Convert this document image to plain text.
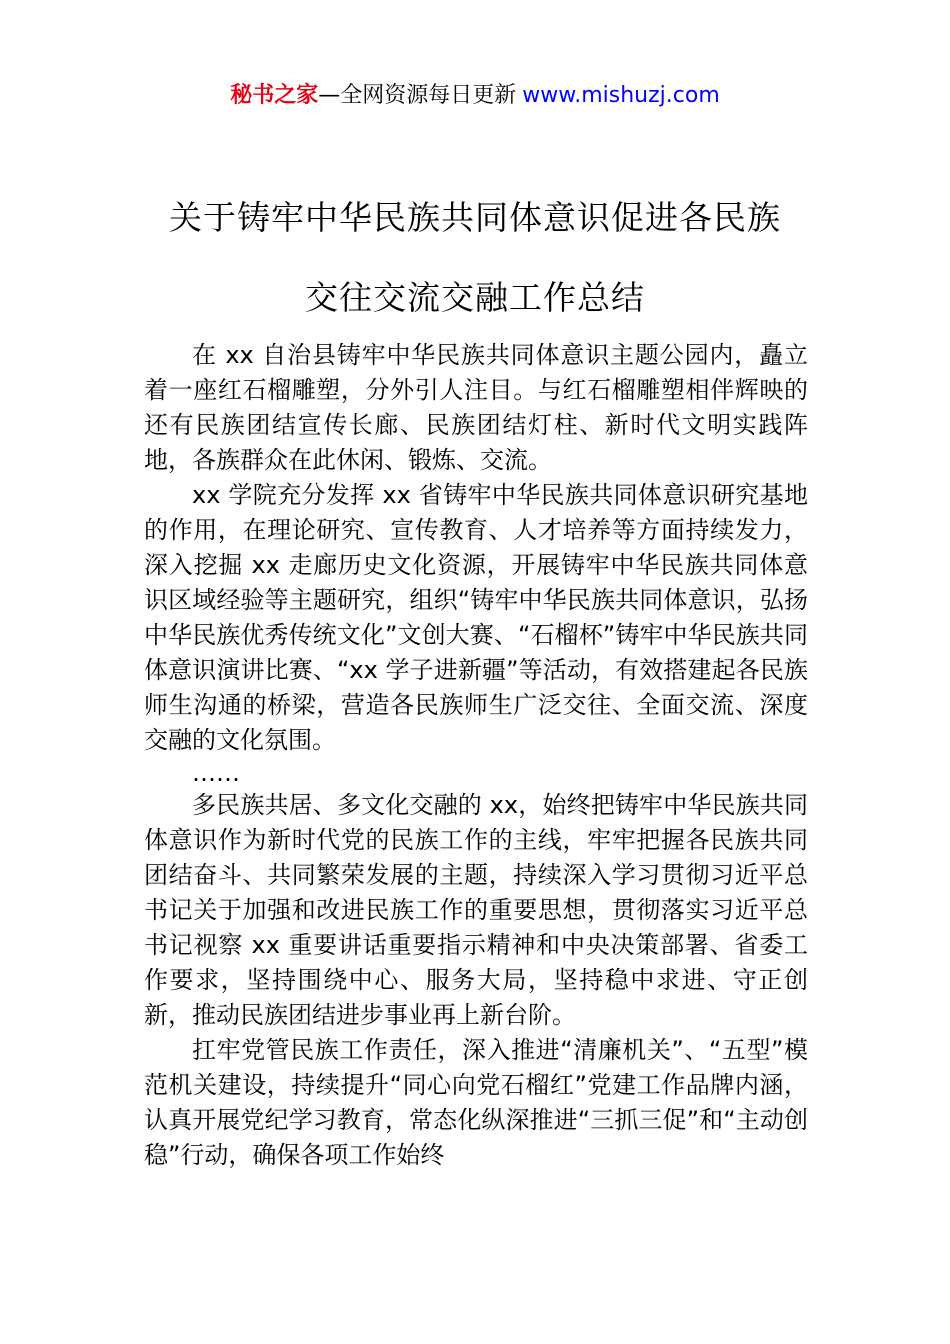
秘书之家—全网资源每日更新 www.mishuzj.com
关于铸牢中华民族共同体意识促进各民族
交往交流交融工作总结

在 xx 自治县铸牢中华民族共同体意识主题公园内，矗立着一座红石榴雕塑，分外引人注目。与红石榴雕塑相伴辉映的还有民族团结宣传长廊、民族团结灯柱、新时代文明实践阵地，各族群众在此休闲、锻炼、交流。

xx 学院充分发挥 xx 省铸牢中华民族共同体意识研究基地的作用，在理论研究、宣传教育、人才培养等方面持续发力，深入挖掘 xx 走廊历史文化资源，开展铸牢中华民族共同体意识区域经验等主题研究，组织“铸牢中华民族共同体意识，弘扬中华民族优秀传统文化”文创大赛、“石榴杯”铸牢中华民族共同体意识演讲比赛、“xx 学子进新疆”等活动，有效搭建起各民族师生沟通的桥梁，营造各民族师生广泛交往、全面交流、深度交融的文化氛围。

……

多民族共居、多文化交融的 xx，始终把铸牢中华民族共同体意识作为新时代党的民族工作的主线，牢牢把握各民族共同团结奋斗、共同繁荣发展的主题，持续深入学习贯彻习近平总书记关于加强和改进民族工作的重要思想，贯彻落实习近平总书记视察 xx 重要讲话重要指示精神和中央决策部署、省委工作要求，坚持围绕中心、服务大局，坚持稳中求进、守正创新，推动民族团结进步事业再上新台阶。

扛牢党管民族工作责任，深入推进“清廉机关”、“五型”模范机关建设，持续提升“同心向党石榴红”党建工作品牌内涵，认真开展党纪学习教育，常态化纵深推进“三抓三促”和“主动创稳”行动，确保各项工作始终
